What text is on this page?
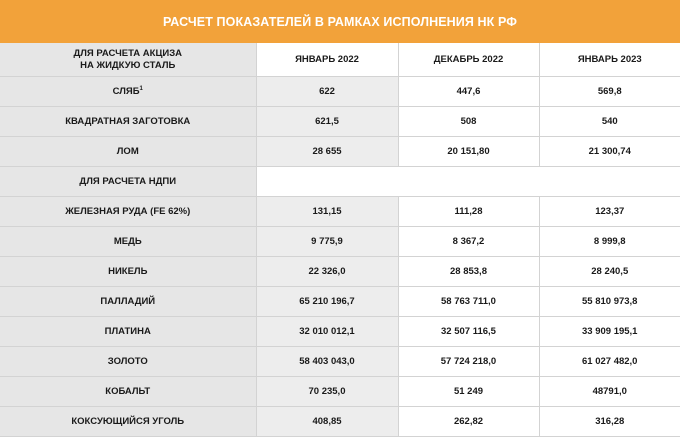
РАСЧЕТ ПОКАЗАТЕЛЕЙ В РАМКАХ ИСПОЛНЕНИЯ НК РФ
ДЛЯ РАСЧЕТА АКЦИЗА
НА ЖИДКУЮ СТАЛЬ	ЯНВАРЬ 2022	ДЕКАБРЬ 2022	ЯНВАРЬ 2023
СЛЯБ$^1$	622	447,6	569,8
КВАДРАТНАЯ ЗАГОТОВКА	621,5	508	540
ЛОМ	28 655	20 151,80	21 300,74
ДЛЯ РАСЧЕТА НДПИ			
ЖЕЛЕЗНАЯ РУДА (FE 62%)	131,15	111,28	123,37
МЕДЬ	9 775,9	8 367,2	8 999,8
НИКЕЛЬ	22 326,0	28 853,8	28 240,5
ПАЛЛАДИЙ	65 210 196,7	58 763 711,0	55 810 973,8
ПЛАТИНА	32 010 012,1	32 507 116,5	33 909 195,1
ЗОЛОТО	58 403 043,0	57 724 218,0	61 027 482,0
КОБАЛЬТ	70 235,0	51 249	48791,0
КОКСУЮЩИЙСЯ УГОЛЬ	408,85	262,82	316,28
